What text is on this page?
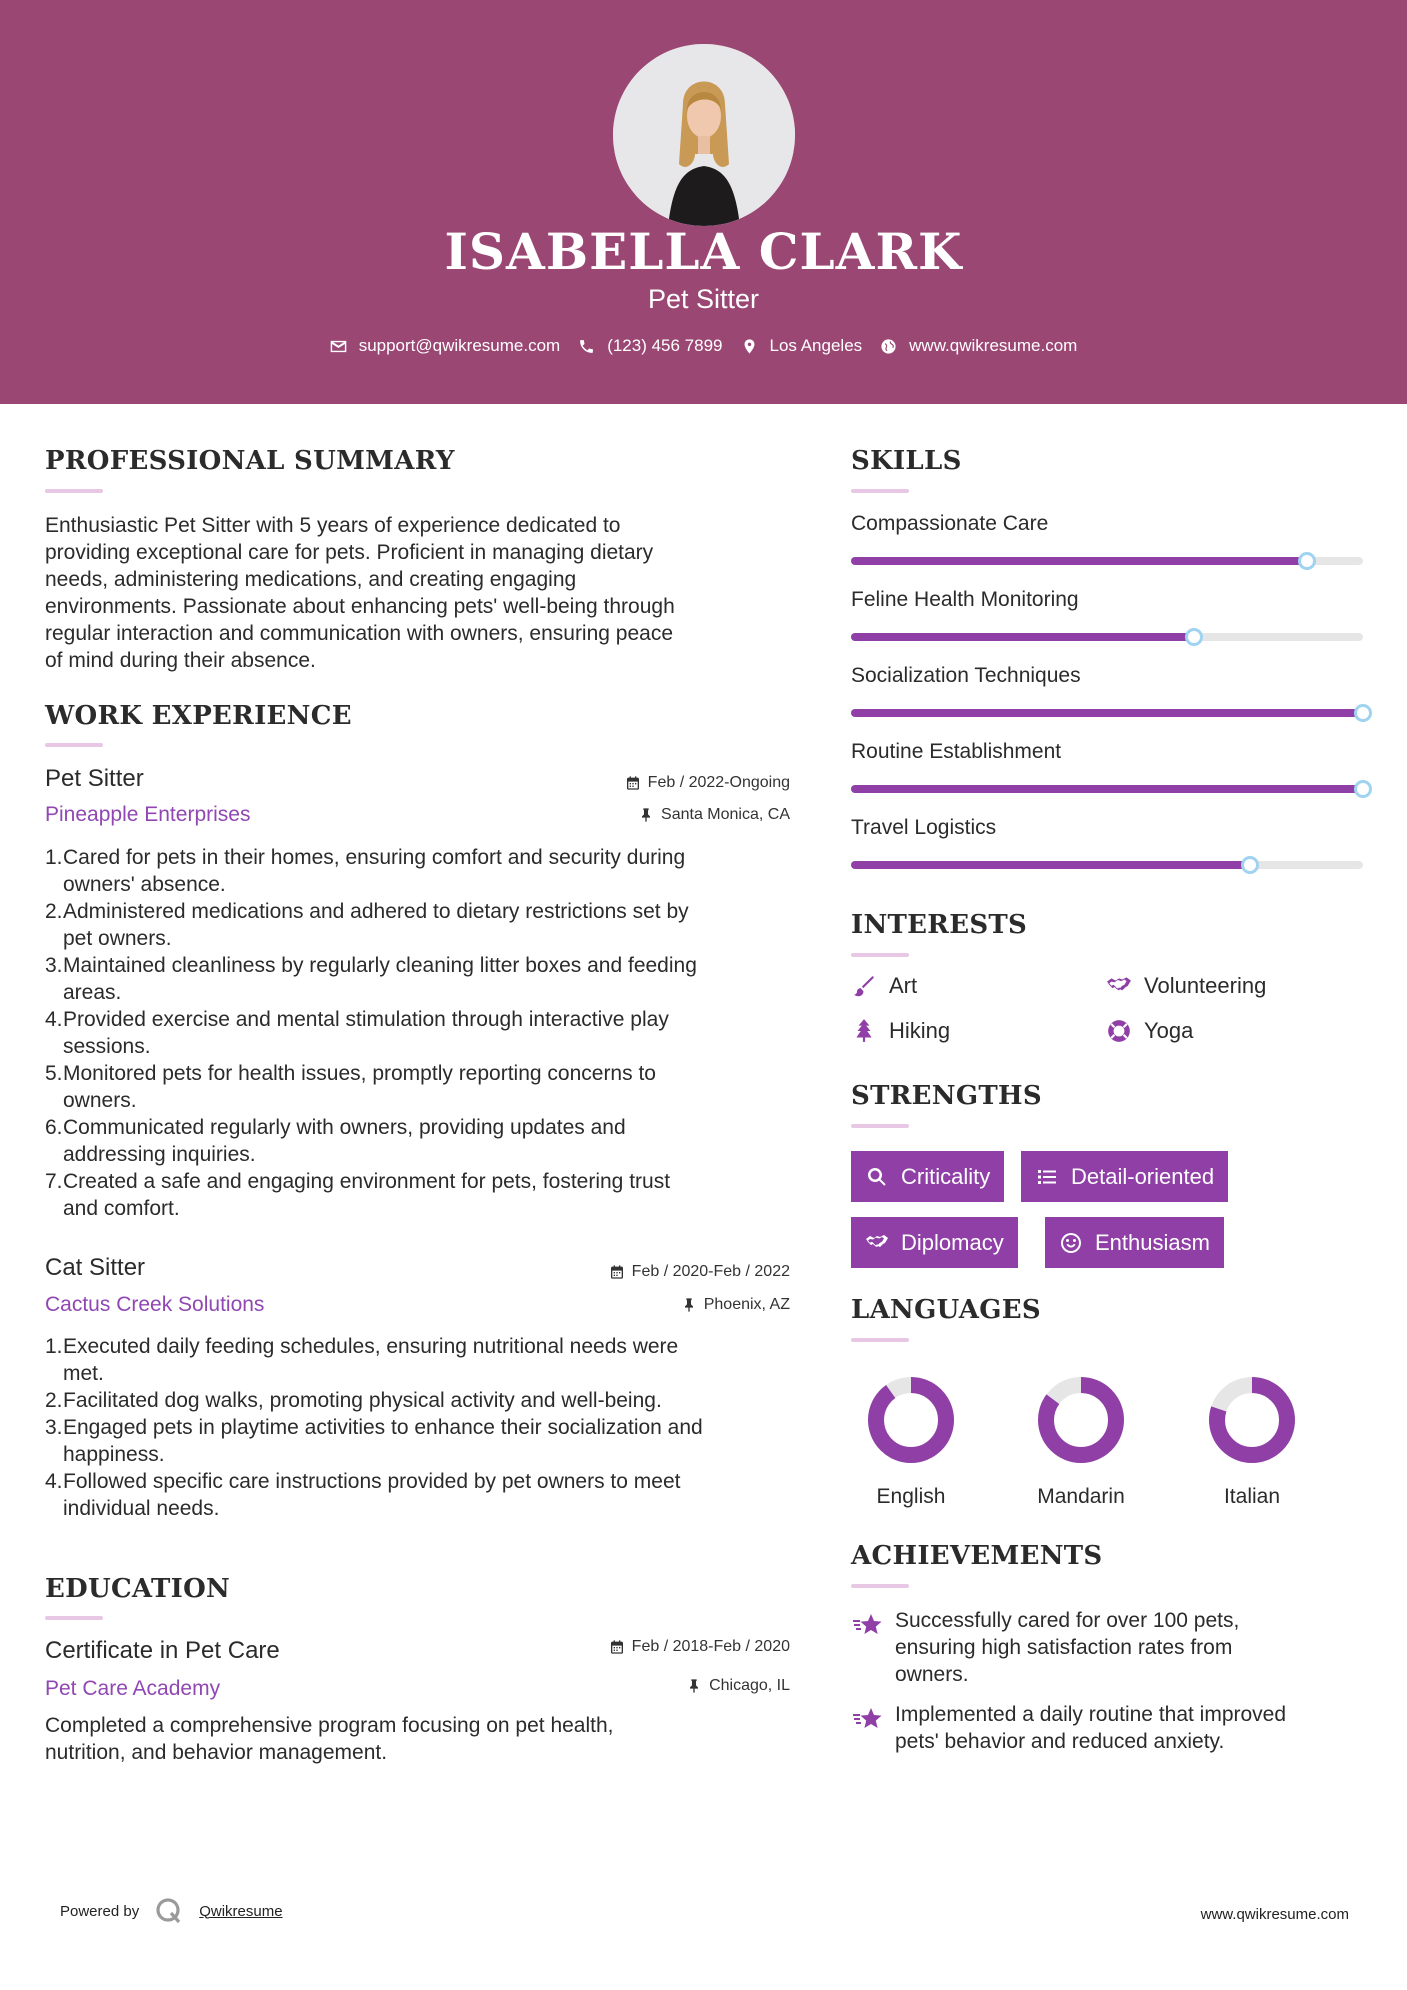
ISABELLA CLARK
Pet Sitter
support@qwikresume.com	(123) 456 7899	Los Angeles	www.qwikresume.com
PROFESSIONAL SUMMARY
Enthusiastic Pet Sitter with 5 years of experience dedicated to
providing exceptional care for pets. Proficient in managing dietary
needs, administering medications, and creating engaging
environments. Passionate about enhancing pets' well-being through
regular interaction and communication with owners, ensuring peace
of mind during their absence.
WORK EXPERIENCE
Pet Sitter	Feb / 2022-Ongoing
Pineapple Enterprises	Santa Monica, CA
1. Cared for pets in their homes, ensuring comfort and security during
owners' absence.
2. Administered medications and adhered to dietary restrictions set by
pet owners.
3. Maintained cleanliness by regularly cleaning litter boxes and feeding
areas.
4. Provided exercise and mental stimulation through interactive play
sessions.
5. Monitored pets for health issues, promptly reporting concerns to
owners.
6. Communicated regularly with owners, providing updates and
addressing inquiries.
7. Created a safe and engaging environment for pets, fostering trust
and comfort.
Cat Sitter	Feb / 2020-Feb / 2022
Cactus Creek Solutions	Phoenix, AZ
1. Executed daily feeding schedules, ensuring nutritional needs were
met.
2. Facilitated dog walks, promoting physical activity and well-being.
3. Engaged pets in playtime activities to enhance their socialization and
happiness.
4. Followed specific care instructions provided by pet owners to meet
individual needs.
EDUCATION
Certificate in Pet Care	Feb / 2018-Feb / 2020
Pet Care Academy	Chicago, IL
Completed a comprehensive program focusing on pet health,
nutrition, and behavior management.
SKILLS
Compassionate Care
Feline Health Monitoring
Socialization Techniques
Routine Establishment
Travel Logistics
INTERESTS
Art	Volunteering
Hiking	Yoga
STRENGTHS
Criticality	Detail-oriented
Diplomacy	Enthusiasm
LANGUAGES
English	Mandarin	Italian
ACHIEVEMENTS
Successfully cared for over 100 pets,
ensuring high satisfaction rates from
owners.
Implemented a daily routine that improved
pets' behavior and reduced anxiety.
Powered by	Qwikresume	www.qwikresume.com
